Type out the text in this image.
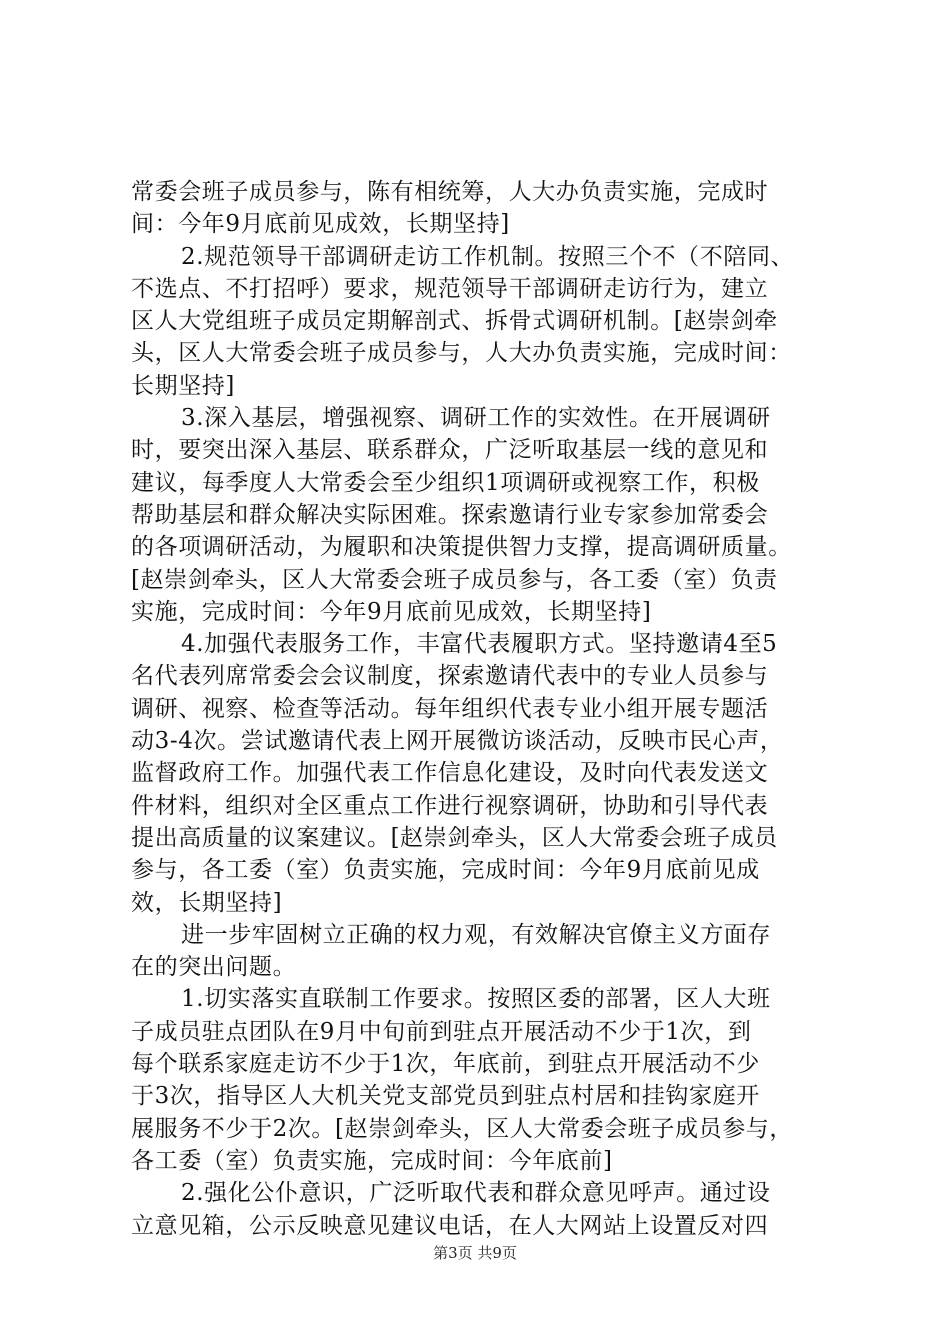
常委会班子成员参与，陈有相统筹，人大办负责实施，完成时
间：今年9月底前见成效，长期坚持]
2.规范领导干部调研走访工作机制。按照三个不（不陪同、
不选点、不打招呼）要求，规范领导干部调研走访行为，建立
区人大党组班子成员定期解剖式、拆骨式调研机制。[赵崇剑牵
头，区人大常委会班子成员参与，人大办负责实施，完成时间：
长期坚持]
3.深入基层，增强视察、调研工作的实效性。在开展调研
时，要突出深入基层、联系群众，广泛听取基层一线的意见和
建议，每季度人大常委会至少组织1项调研或视察工作，积极
帮助基层和群众解决实际困难。探索邀请行业专家参加常委会
的各项调研活动，为履职和决策提供智力支撑，提高调研质量。
[赵崇剑牵头，区人大常委会班子成员参与，各工委（室）负责
实施，完成时间：今年9月底前见成效，长期坚持]
4.加强代表服务工作，丰富代表履职方式。坚持邀请4至5
名代表列席常委会会议制度，探索邀请代表中的专业人员参与
调研、视察、检查等活动。每年组织代表专业小组开展专题活
动3-4次。尝试邀请代表上网开展微访谈活动，反映市民心声，
监督政府工作。加强代表工作信息化建设，及时向代表发送文
件材料，组织对全区重点工作进行视察调研，协助和引导代表
提出高质量的议案建议。[赵崇剑牵头，区人大常委会班子成员
参与，各工委（室）负责实施，完成时间：今年9月底前见成
效，长期坚持]
进一步牢固树立正确的权力观，有效解决官僚主义方面存
在的突出问题。
1.切实落实直联制工作要求。按照区委的部署，区人大班
子成员驻点团队在9月中旬前到驻点开展活动不少于1次，到
每个联系家庭走访不少于1次，年底前，到驻点开展活动不少
于3次，指导区人大机关党支部党员到驻点村居和挂钩家庭开
展服务不少于2次。[赵崇剑牵头，区人大常委会班子成员参与，
各工委（室）负责实施，完成时间：今年底前]
2.强化公仆意识，广泛听取代表和群众意见呼声。通过设
立意见箱，公示反映意见建议电话，在人大网站上设置反对四
第3页 共9页
